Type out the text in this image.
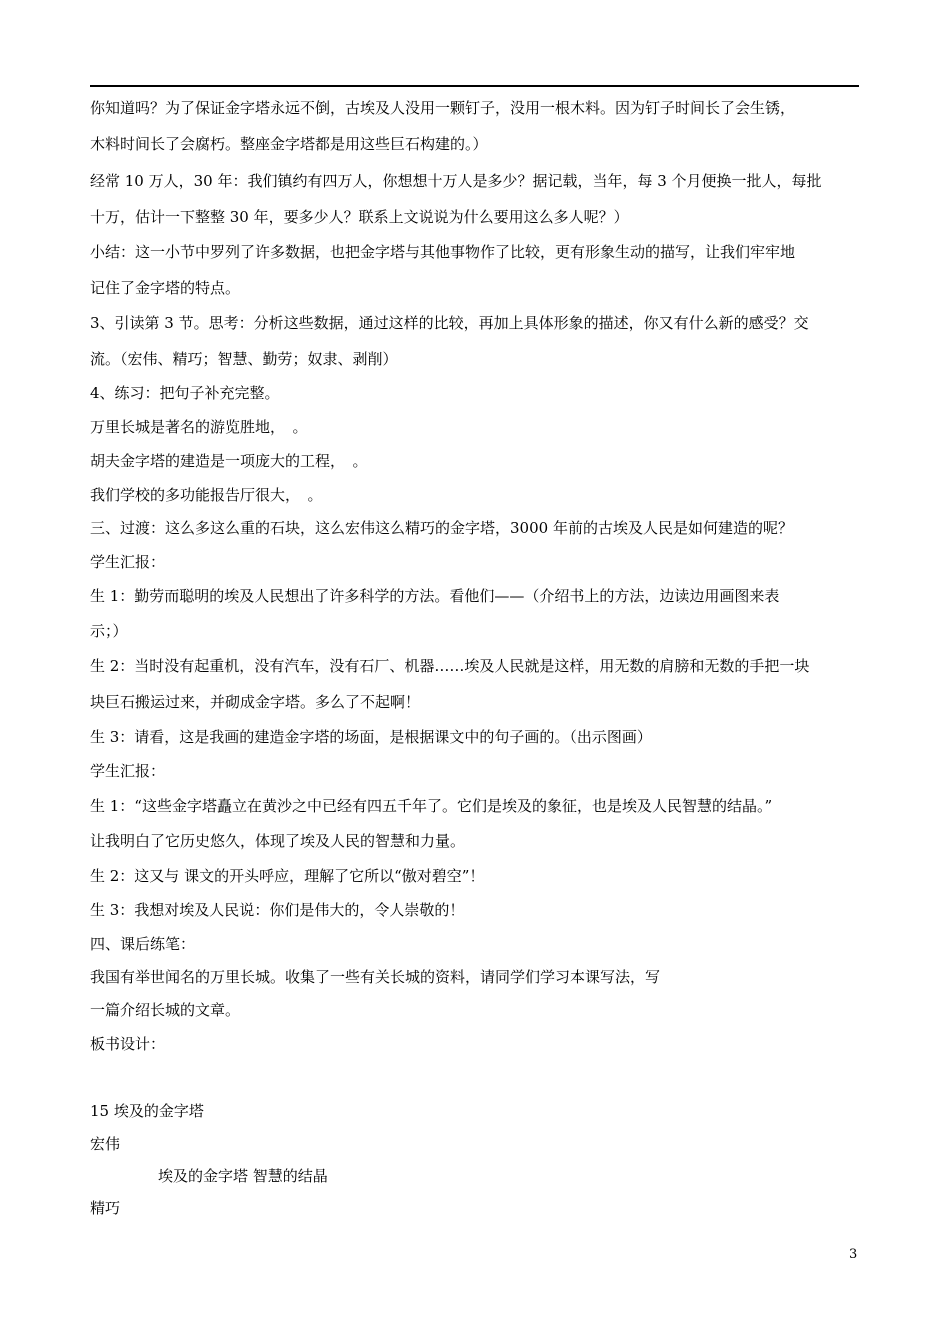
你知道吗？为了保证金字塔永远不倒，古埃及人没用一颗钉子，没用一根木料。因为钉子时间长了会生锈，

木料时间长了会腐朽。整座金字塔都是用这些巨石构建的。）

经常 10 万人，30 年：我们镇约有四万人，你想想十万人是多少？据记载，当年，每 3 个月便换一批人，每批

十万，估计一下整整 30 年，要多少人？联系上文说说为什么要用这么多人呢？）

小结：这一小节中罗列了许多数据，也把金字塔与其他事物作了比较，更有形象生动的描写，让我们牢牢地

记住了金字塔的特点。

3、引读第 3 节。思考：分析这些数据，通过这样的比较，再加上具体形象的描述，你又有什么新的感受？交

流。（宏伟、精巧；智慧、勤劳；奴隶、剥削）

4、练习：把句子补充完整。

万里长城是著名的游览胜地，　。

胡夫金字塔的建造是一项庞大的工程，　。

我们学校的多功能报告厅很大，　。

三、过渡：这么多这么重的石块，这么宏伟这么精巧的金字塔，3000 年前的古埃及人民是如何建造的呢？

学生汇报：

生 1：勤劳而聪明的埃及人民想出了许多科学的方法。看他们——（介绍书上的方法，边读边用画图来表

示；）

生 2：当时没有起重机，没有汽车，没有石厂、机器……埃及人民就是这样，用无数的肩膀和无数的手把一块

块巨石搬运过来，并砌成金字塔。多么了不起啊！

生 3：请看，这是我画的建造金字塔的场面，是根据课文中的句子画的。（出示图画）

学生汇报：

生 1：“这些金字塔矗立在黄沙之中已经有四五千年了。它们是埃及的象征，也是埃及人民智慧的结晶。”

让我明白了它历史悠久，体现了埃及人民的智慧和力量。

生 2：这又与 课文的开头呼应，理解了它所以“傲对碧空”！

生 3：我想对埃及人民说：你们是伟大的，令人崇敬的！

四、课后练笔：

我国有举世闻名的万里长城。收集了一些有关长城的资料，请同学们学习本课写法，写

一篇介绍长城的文章。

板书设计：

15 埃及的金字塔

宏伟

埃及的金字塔 智慧的结晶

精巧

3
